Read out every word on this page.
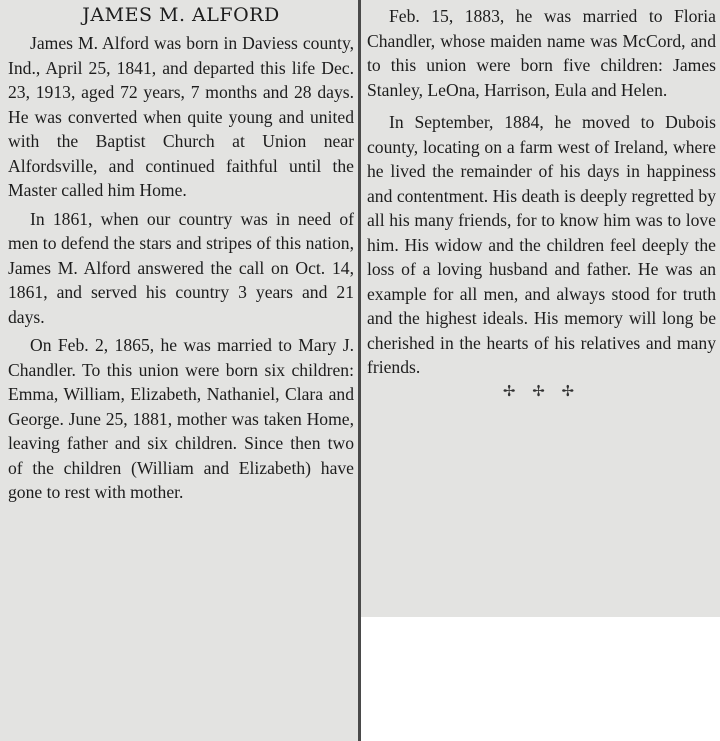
JAMES M. ALFORD

James M. Alford was born in Daviess county, Ind., April 25, 1841, and departed this life Dec. 23, 1913, aged 72 years, 7 months and 28 days. He was converted when quite young and united with the Baptist Church at Union near Alfordsville, and continued faithful until the Master called him Home.

In 1861, when our country was in need of men to defend the stars and stripes of this nation, James M. Alford answered the call on Oct. 14, 1861, and served his country 3 years and 21 days.

On Feb. 2, 1865, he was married to Mary J. Chandler. To this union were born six children: Emma, William, Elizabeth, Nathaniel, Clara and George. June 25, 1881, mother was taken Home, leaving father and six children. Since then two of the children (William and Elizabeth) have gone to rest with mother.

Feb. 15, 1883, he was married to Floria Chandler, whose maiden name was McCord, and to this union were born five children: James Stanley, LeOna, Harrison, Eula and Helen.

In September, 1884, he moved to Dubois county, locating on a farm west of Ireland, where he lived the remainder of his days in happiness and contentment. His death is deeply regretted by all his many friends, for to know him was to love him. His widow and the children feel deeply the loss of a loving husband and father. He was an example for all men, and always stood for truth and the highest ideals. His memory will long be cherished in the hearts of his relatives and many friends.

✢ ✢ ✢
